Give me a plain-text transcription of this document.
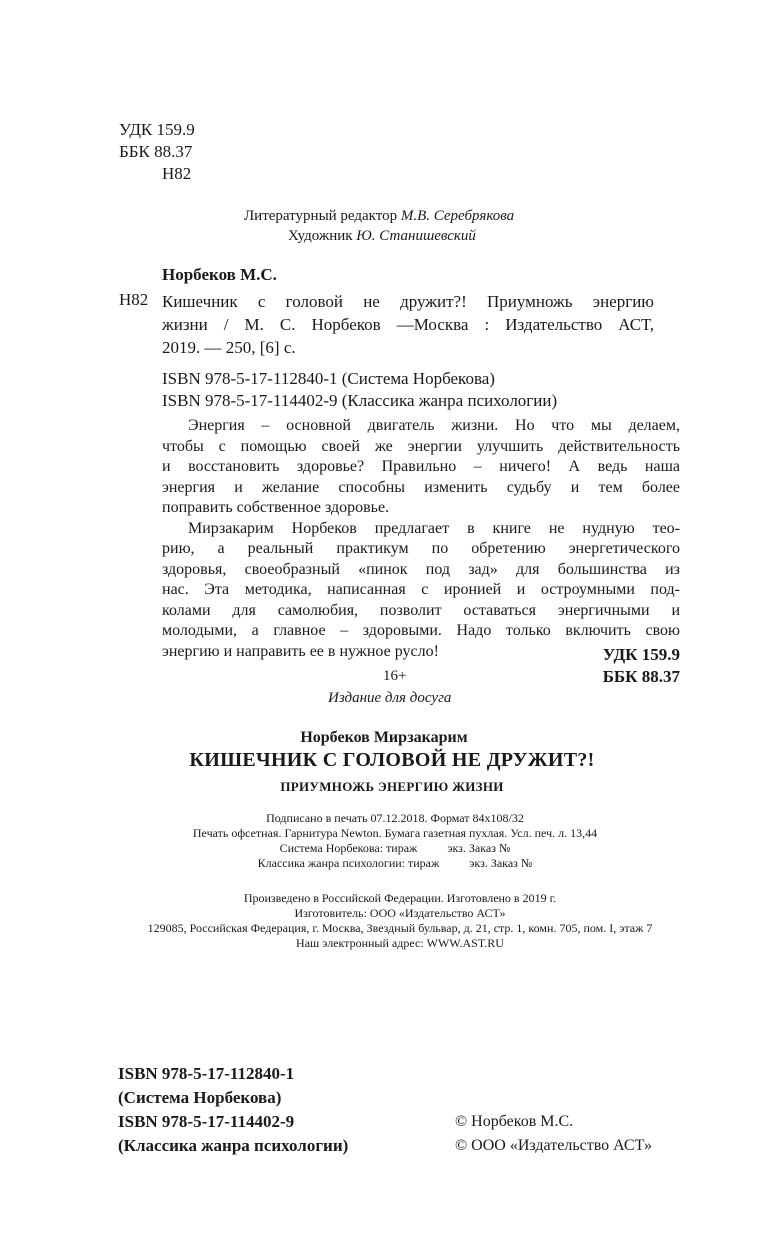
УДК 159.9
ББК 88.37
Н82
Литературный редактор М.В. Серебрякова
Художник Ю. Станишевский
Норбеков М.С.
Н82 Кишечник с головой не дружит?! Приумножь энергию
жизни / М. С. Норбеков —Москва : Издательство АСТ,
2019. — 250, [6] с.
ISBN 978-5-17-112840-1 (Система Норбекова)
ISBN 978-5-17-114402-9 (Классика жанра психологии)
Энергия – основной двигатель жизни. Но что мы делаем,
чтобы с помощью своей же энергии улучшить действительность
и восстановить здоровье? Правильно – ничего! А ведь наша
энергия и желание способны изменить судьбу и тем более
поправить собственное здоровье.
Мирзакарим Норбеков предлагает в книге не нудную тео-
рию, а реальный практикум по обретению энергетического
здоровья, своеобразный «пинок под зад» для большинства из
нас. Эта методика, написанная с иронией и остроумными под-
колами для самолюбия, позволит оставаться энергичными и
молодыми, а главное – здоровыми. Надо только включить свою
энергию и направить ее в нужное русло!	УДК 159.9
16+	ББК 88.37
Издание для досуга
Норбеков Мирзакарим
КИШЕЧНИК С ГОЛОВОЙ НЕ ДРУЖИТ?!
ПРИУМНОЖЬ ЭНЕРГИЮ ЖИЗНИ
Подписано в печать 07.12.2018. Формат 84x108/32
Печать офсетная. Гарнитура Newton. Бумага газетная пухлая. Усл. печ. л. 13,44
Система Норбекова: тираж          экз. Заказ №
Классика жанра психологии: тираж          экз. Заказ №
Произведено в Российской Федерации. Изготовлено в 2019 г.
Изготовитель: ООО «Издательство АСТ»
129085, Российская Федерация, г. Москва, Звездный бульвар, д. 21, стр. 1, комн. 705, пом. I, этаж 7
Наш электронный адрес: WWW.AST.RU
ISBN 978-5-17-112840-1
(Система Норбекова)
ISBN 978-5-17-114402-9
(Классика жанра психологии)
© Норбеков М.С.
© ООО «Издательство АСТ»
